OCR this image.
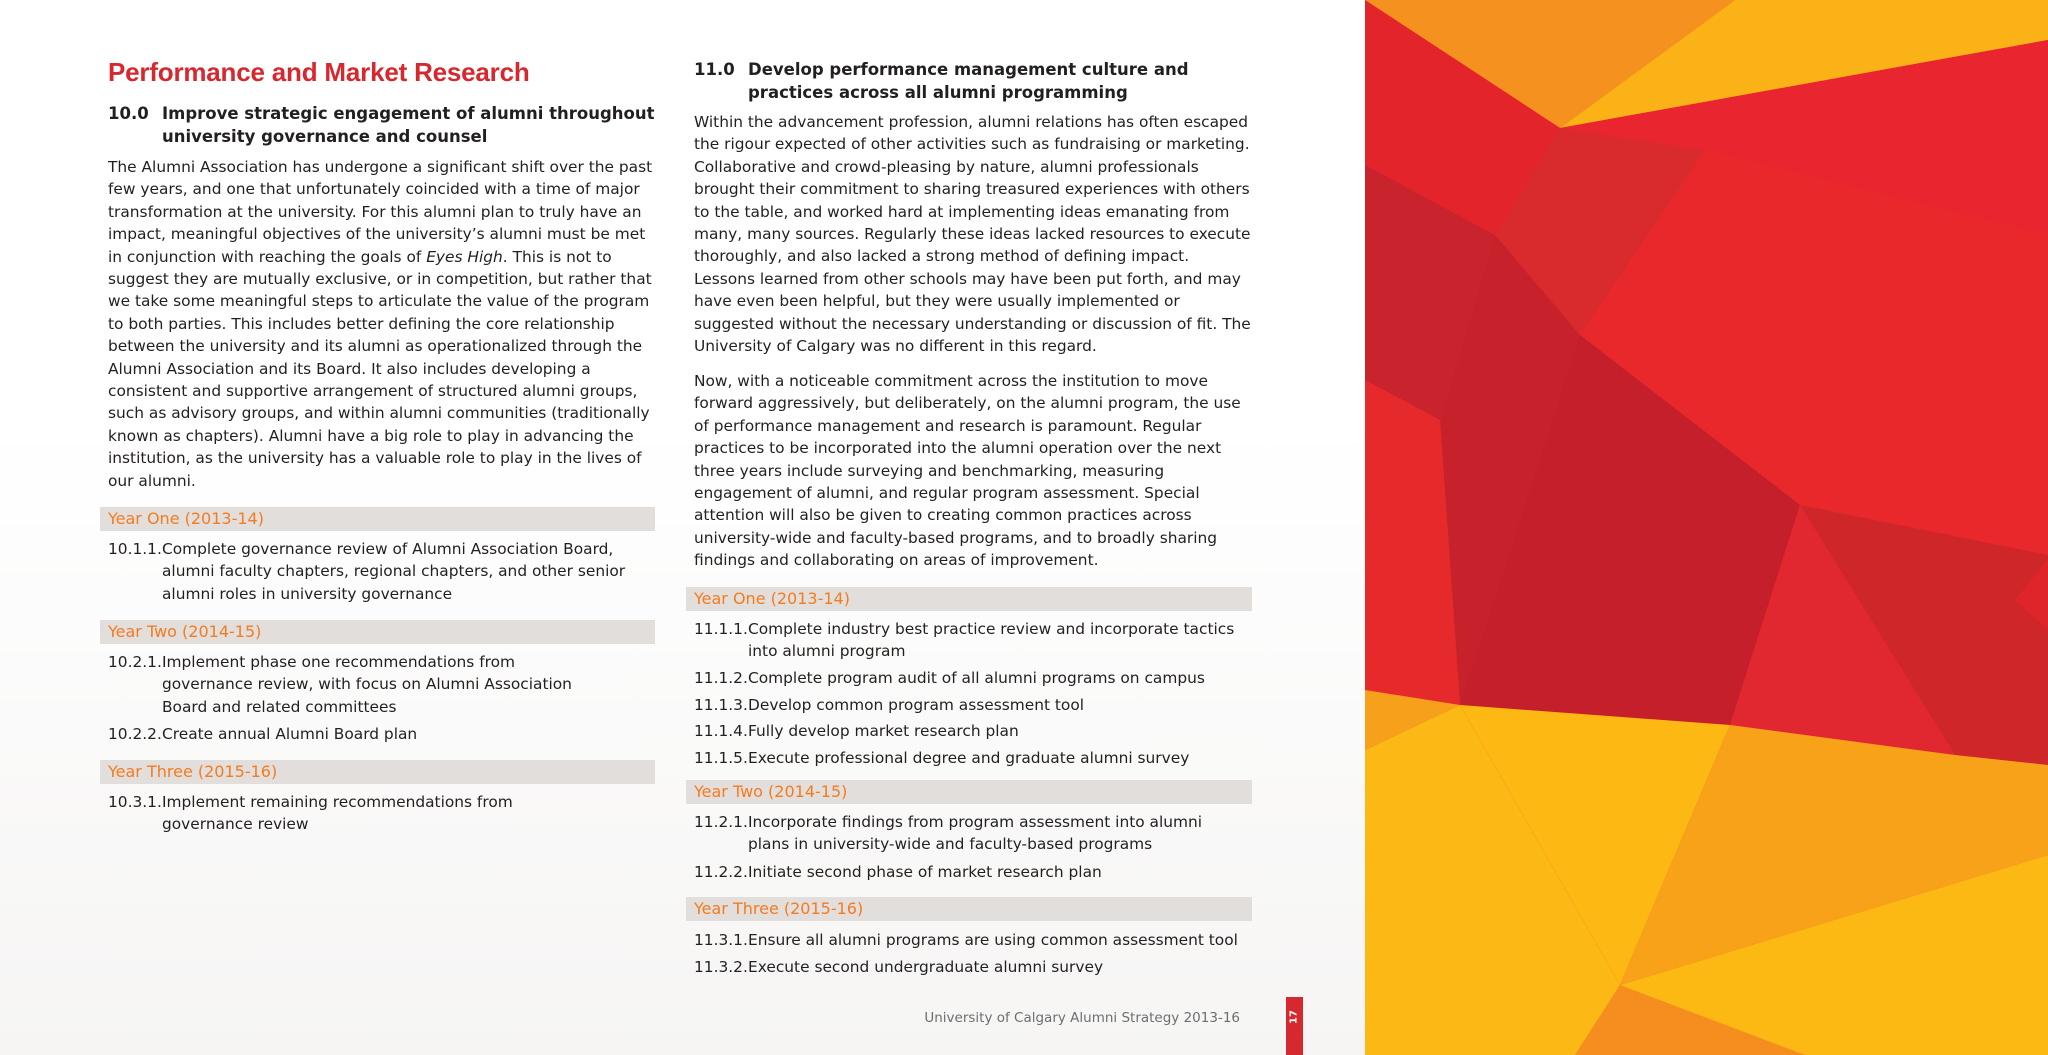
Performance and Market Research
10.0 Improve strategic engagement of alumni throughout university governance and counsel

The Alumni Association has undergone a significant shift over the past few years, and one that unfortunately coincided with a time of major transformation at the university. For this alumni plan to truly have an impact, meaningful objectives of the university’s alumni must be met in conjunction with reaching the goals of Eyes High. This is not to suggest they are mutually exclusive, or in competition, but rather that we take some meaningful steps to articulate the value of the program to both parties. This includes better defining the core relationship between the university and its alumni as operationalized through the Alumni Association and its Board. It also includes developing a consistent and supportive arrangement of structured alumni groups, such as advisory groups, and within alumni communities (traditionally known as chapters). Alumni have a big role to play in advancing the institution, as the university has a valuable role to play in the lives of our alumni.

Year One (2013-14)
10.1.1. Complete governance review of Alumni Association Board, alumni faculty chapters, regional chapters, and other senior alumni roles in university governance
Year Two (2014-15)
10.2.1. Implement phase one recommendations from governance review, with focus on Alumni Association Board and related committees
10.2.2. Create annual Alumni Board plan
Year Three (2015-16)
10.3.1. Implement remaining recommendations from governance review
11.0 Develop performance management culture and practices across all alumni programming

Within the advancement profession, alumni relations has often escaped the rigour expected of other activities such as fundraising or marketing. Collaborative and crowd-pleasing by nature, alumni professionals brought their commitment to sharing treasured experiences with others to the table, and worked hard at implementing ideas emanating from many, many sources. Regularly these ideas lacked resources to execute thoroughly, and also lacked a strong method of defining impact. Lessons learned from other schools may have been put forth, and may have even been helpful, but they were usually implemented or suggested without the necessary understanding or discussion of fit. The University of Calgary was no different in this regard.

Now, with a noticeable commitment across the institution to move forward aggressively, but deliberately, on the alumni program, the use of performance management and research is paramount. Regular practices to be incorporated into the alumni operation over the next three years include surveying and benchmarking, measuring engagement of alumni, and regular program assessment. Special attention will also be given to creating common practices across university-wide and faculty-based programs, and to broadly sharing findings and collaborating on areas of improvement.

Year One (2013-14)
11.1.1. Complete industry best practice review and incorporate tactics into alumni program
11.1.2. Complete program audit of all alumni programs on campus
11.1.3. Develop common program assessment tool
11.1.4. Fully develop market research plan
11.1.5. Execute professional degree and graduate alumni survey
Year Two (2014-15)
11.2.1. Incorporate findings from program assessment into alumni plans in university-wide and faculty-based programs
11.2.2. Initiate second phase of market research plan
Year Three (2015-16)
11.3.1. Ensure all alumni programs are using common assessment tool
11.3.2. Execute second undergraduate alumni survey
University of Calgary Alumni Strategy 2013-16	17
